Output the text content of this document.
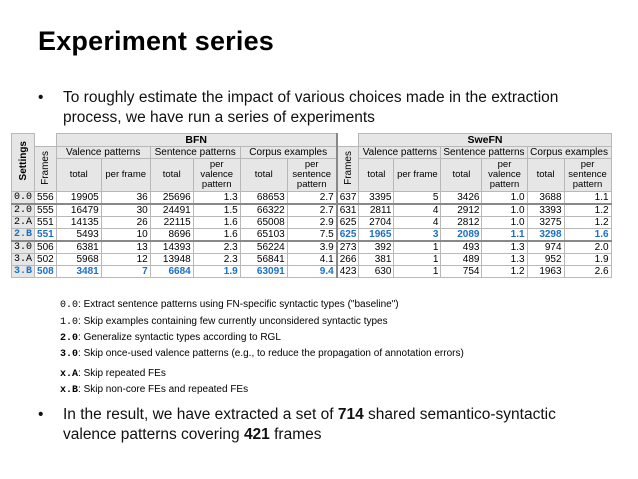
Experiment series
• To roughly estimate the impact of various choices made in the extraction
process, we have run a series of experiments
Settings		BFN							SweFN					
	Frames	Valence patterns		Sentence patterns		Corpus examples		Frames	Valence patterns		Sentence patterns		Corpus examples	
		total	per frame	total	per valence pattern	total	per sentence pattern		total	per frame	total	per valence pattern	total	per sentence pattern
0.0	556	19905	36	25696	1.3	68653	2.7	637	3395	5	3426	1.0	3688	1.1
2.0	555	16479	30	24491	1.5	66322	2.7	631	2811	4	2912	1.0	3393	1.2
2.A	551	14135	26	22115	1.6	65008	2.9	625	2704	4	2812	1.0	3275	1.2
2.B	551	5493	10	8696	1.6	65103	7.5	625	1965	3	2089	1.1	3298	1.6
3.0	506	6381	13	14393	2.3	56224	3.9	273	392	1	493	1.3	974	2.0
3.A	502	5968	12	13948	2.3	56841	4.1	266	381	1	489	1.3	952	1.9
3.B	508	3481	7	6684	1.9	63091	9.4	423	630	1	754	1.2	1963	2.6
0.0: Extract sentence patterns using FN-specific syntactic types ("baseline")
1.0: Skip examples containing few currently unconsidered syntactic types
2.0: Generalize syntactic types according to RGL
3.0: Skip once-used valence patterns (e.g., to reduce the propagation of annotation errors)
x.A: Skip repeated FEs
x.B: Skip non-core FEs and repeated FEs
• In the result, we have extracted a set of 714 shared semantico-syntactic
valence patterns covering 421 frames
